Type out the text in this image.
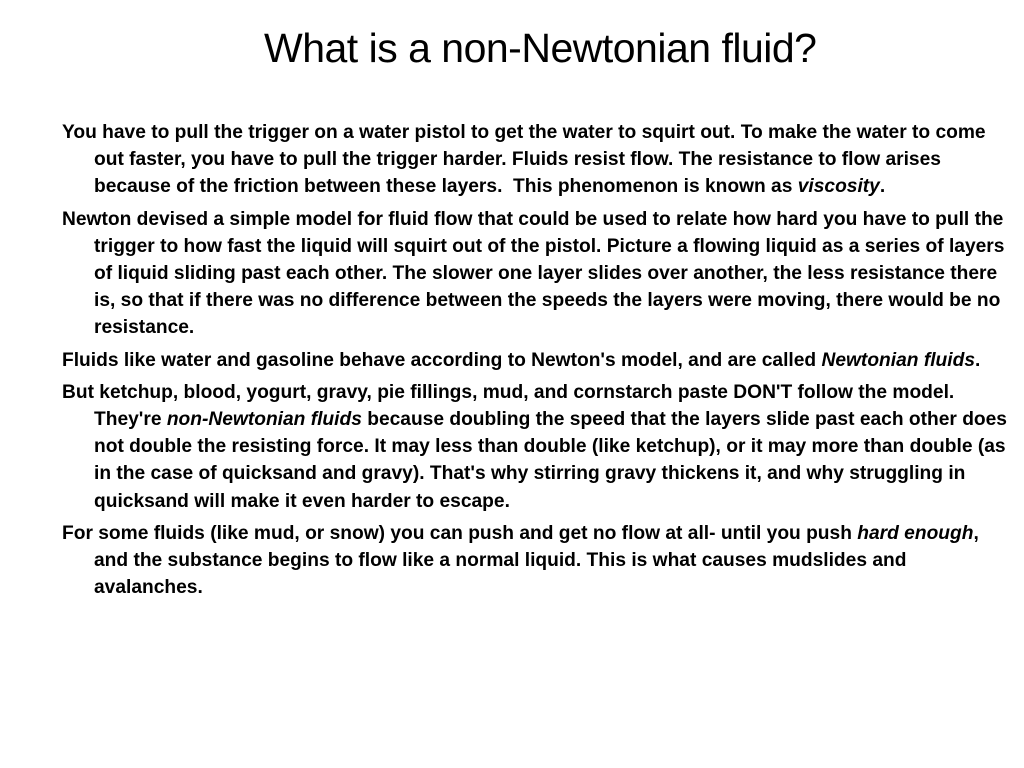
What is a non-Newtonian fluid?

You have to pull the trigger on a water pistol to get the water to squirt out. To make the water to come out faster, you have to pull the trigger harder. Fluids resist flow. The resistance to flow arises because of the friction between these layers.  This phenomenon is known as viscosity.

Newton devised a simple model for fluid flow that could be used to relate how hard you have to pull the trigger to how fast the liquid will squirt out of the pistol. Picture a flowing liquid as a series of layers of liquid sliding past each other. The slower one layer slides over another, the less resistance there is, so that if there was no difference between the speeds the layers were moving, there would be no resistance.

Fluids like water and gasoline behave according to Newton's model, and are called Newtonian fluids.

But ketchup, blood, yogurt, gravy, pie fillings, mud, and cornstarch paste DON'T follow the model. They're non-Newtonian fluids because doubling the speed that the layers slide past each other does not double the resisting force. It may less than double (like ketchup), or it may more than double (as in the case of quicksand and gravy). That's why stirring gravy thickens it, and why struggling in quicksand will make it even harder to escape.

For some fluids (like mud, or snow) you can push and get no flow at all- until you push hard enough, and the substance begins to flow like a normal liquid. This is what causes mudslides and avalanches.
